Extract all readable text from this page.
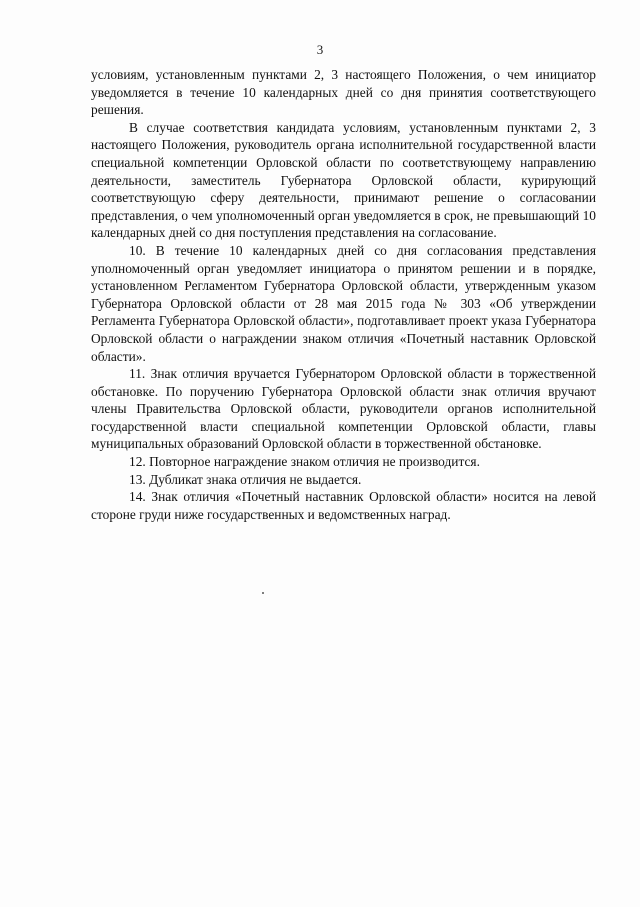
3

условиям, установленным пунктами 2, 3 настоящего Положения, о чем инициатор уведомляется в течение 10 календарных дней со дня принятия соответствующего решения.

В случае соответствия кандидата условиям, установленным пунктами 2, 3 настоящего Положения, руководитель органа исполнительной государственной власти специальной компетенции Орловской области по соответствующему направлению деятельности, заместитель Губернатора Орловской области, курирующий соответствующую сферу деятельности, принимают решение о согласовании представления, о чем уполномоченный орган уведомляется в срок, не превышающий 10 календарных дней со дня поступления представления на согласование.

10. В течение 10 календарных дней со дня согласования представления уполномоченный орган уведомляет инициатора о принятом решении и в порядке, установленном Регламентом Губернатора Орловской области, утвержденным указом Губернатора Орловской области от 28 мая 2015 года № 303 «Об утверждении Регламента Губернатора Орловской области», подготавливает проект указа Губернатора Орловской области о награждении знаком отличия «Почетный наставник Орловской области».

11. Знак отличия вручается Губернатором Орловской области в торжественной обстановке. По поручению Губернатора Орловской области знак отличия вручают члены Правительства Орловской области, руководители органов исполнительной государственной власти специальной компетенции Орловской области, главы муниципальных образований Орловской области в торжественной обстановке.

12. Повторное награждение знаком отличия не производится.

13. Дубликат знака отличия не выдается.

14. Знак отличия «Почетный наставник Орловской области» носится на левой стороне груди ниже государственных и ведомственных наград.
